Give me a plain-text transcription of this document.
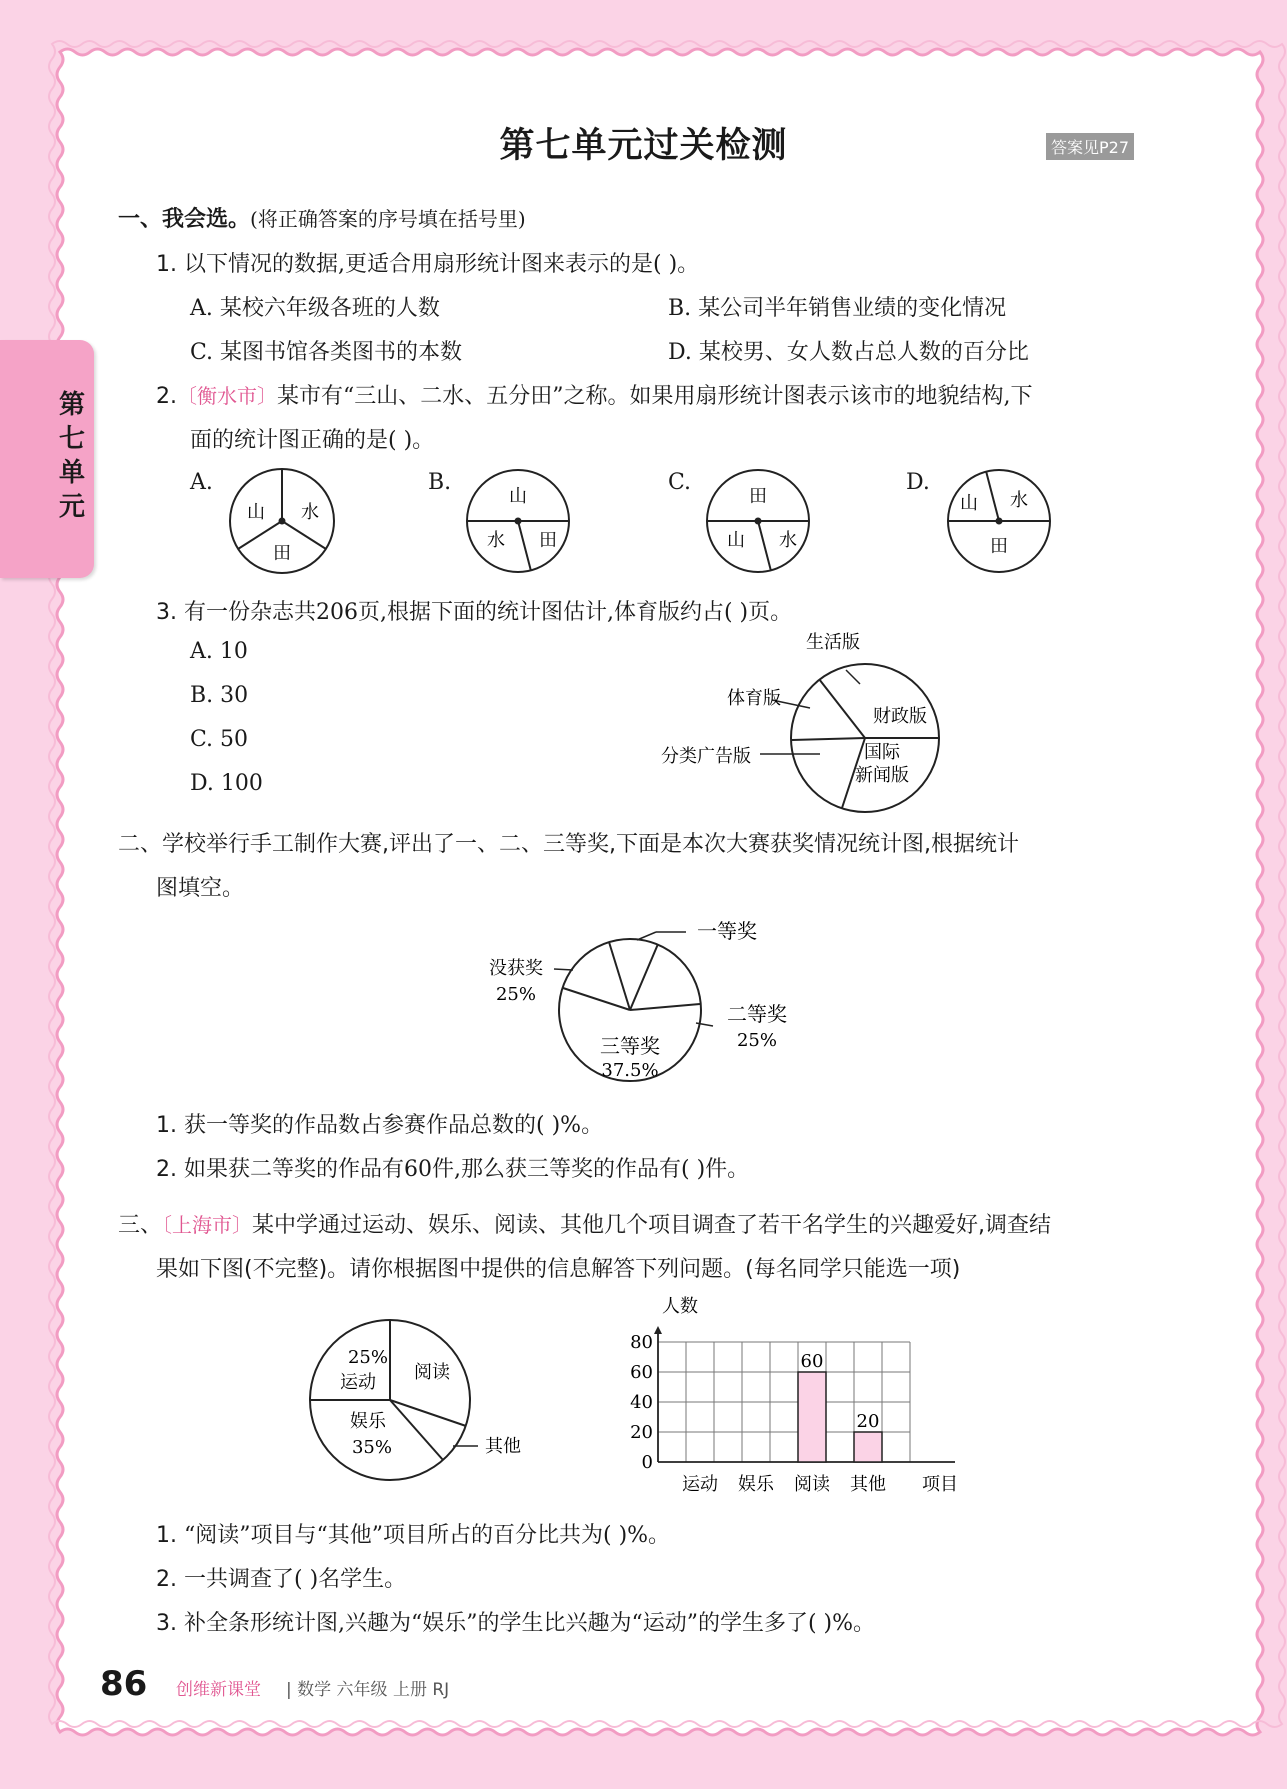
第七单元
第七单元过关检测	答案见P27
一、我会选。(将正确答案的序号填在括号里)
1. 以下情况的数据,更适合用扇形统计图来表示的是( )。
A. 某校六年级各班的人数	B. 某公司半年销售业绩的变化情况
C. 某图书馆各类图书的本数	D. 某校男、女人数占总人数的百分比
2.〔衡水市〕某市有“三山、二水、五分田”之称。如果用扇形统计图表示该市的地貌结构,下
面的统计图正确的是( )。
A.	B.	C.	D.
山 水
田
山
水 田
田
山 水
山 水
田
3. 有一份杂志共206页,根据下面的统计图估计,体育版约占( )页。
A. 10
B. 30
C. 50
D. 100
生活版
体育版
财政版
分类广告版	国际
新闻版
二、学校举行手工制作大赛,评出了一、二、三等奖,下面是本次大赛获奖情况统计图,根据统计
图填空。
没获奖
25%
一等奖
二等奖
25%
三等奖
37.5%
1. 获一等奖的作品数占参赛作品总数的( )%。
2. 如果获二等奖的作品有60件,那么获三等奖的作品有( )件。
三、〔上海市〕某中学通过运动、娱乐、阅读、其他几个项目调查了若干名学生的兴趣爱好,调查结
果如下图(不完整)。请你根据图中提供的信息解答下列问题。(每名同学只能选一项)
25%
运动 阅读
娱乐
35%	其他
0
20
40
60
80
人数
运动 娱乐 阅读
60
其他
20
项目
1. “阅读”项目与“其他”项目所占的百分比共为( )%。
2. 一共调查了( )名学生。
3. 补全条形统计图,兴趣为“娱乐”的学生比兴趣为“运动”的学生多了( )%。
86 创维新课堂 | 数学 六年级 上册 RJ
